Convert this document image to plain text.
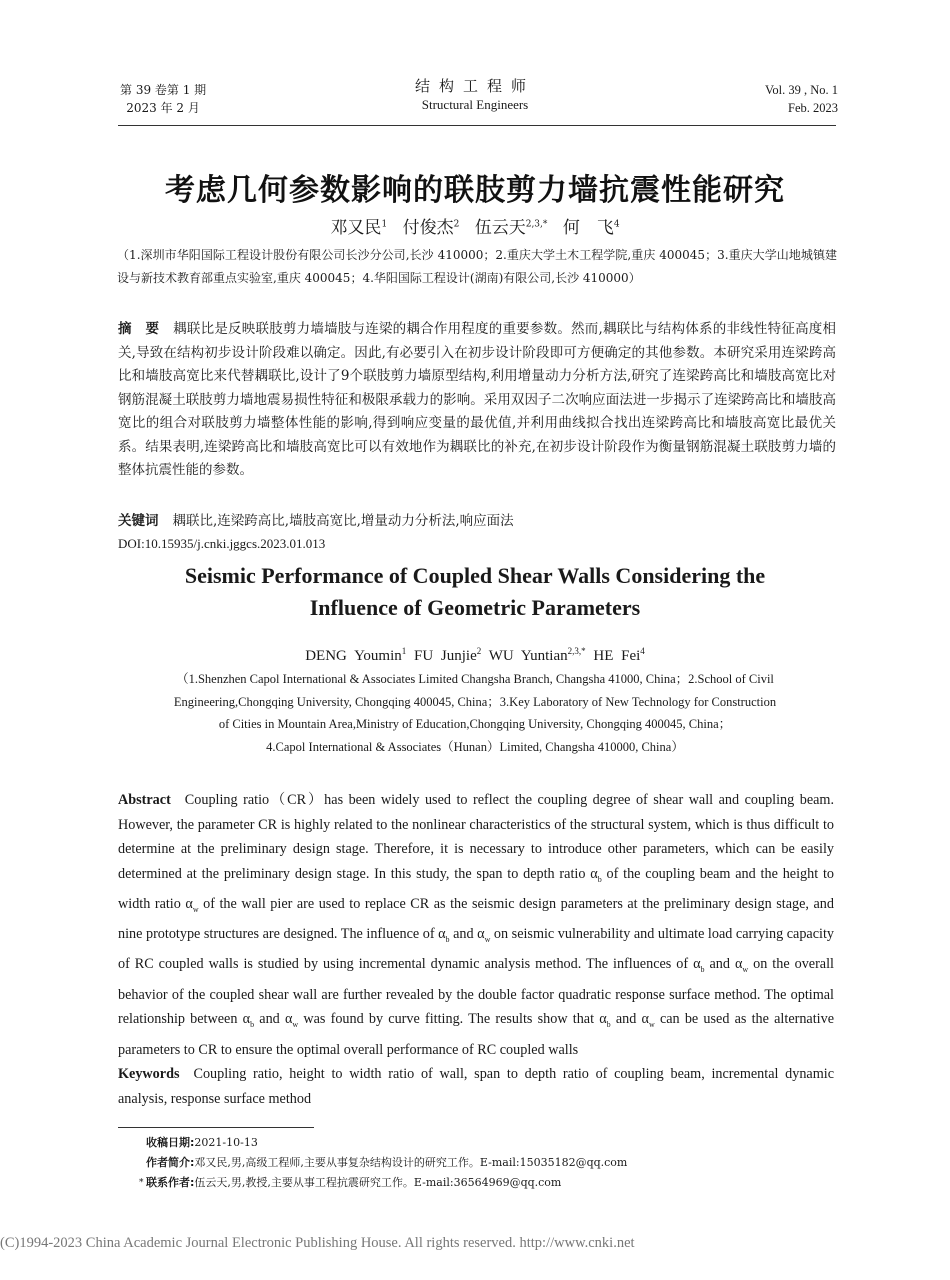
第 39 卷第 1 期
2023 年 2 月
结构工程师
Structural Engineers
Vol. 39 , No. 1
Feb. 2023
考虑几何参数影响的联肢剪力墙抗震性能研究
邓又民$^1$ 付俊杰$^2$ 伍云天$^{2,3,*}$ 何　飞$^4$
（1.深圳市华阳国际工程设计股份有限公司长沙分公司,长沙 410000；2.重庆大学土木工程学院,重庆 400045；3.重庆大学山地城镇建设与新技术教育部重点实验室,重庆 400045；4.华阳国际工程设计(湖南)有限公司,长沙 410000）
摘　要 耦联比是反映联肢剪力墙墙肢与连梁的耦合作用程度的重要参数。然而,耦联比与结构体系的非线性特征高度相关,导致在结构初步设计阶段难以确定。因此,有必要引入在初步设计阶段即可方便确定的其他参数。本研究采用连梁跨高比和墙肢高宽比来代替耦联比,设计了9个联肢剪力墙原型结构,利用增量动力分析方法,研究了连梁跨高比和墙肢高宽比对钢筋混凝土联肢剪力墙地震易损性特征和极限承载力的影响。采用双因子二次响应面法进一步揭示了连梁跨高比和墙肢高宽比的组合对联肢剪力墙整体性能的影响,得到响应变量的最优值,并利用曲线拟合找出连梁跨高比和墙肢高宽比最优关系。结果表明,连梁跨高比和墙肢高宽比可以有效地作为耦联比的补充,在初步设计阶段作为衡量钢筋混凝土联肢剪力墙的整体抗震性能的参数。
关键词 耦联比,连梁跨高比,墙肢高宽比,增量动力分析法,响应面法
DOI:10.15935/j.cnki.jggcs.2023.01.013
Seismic Performance of Coupled Shear Walls Considering the
Influence of Geometric Parameters
DENG Youmin$^1$ FU Junjie$^2$ WU Yuntian$^{2,3,*}$ HE Fei$^4$
（1.Shenzhen Capol International & Associates Limited Changsha Branch, Changsha 41000, China；2.School of Civil
Engineering,Chongqing University, Chongqing 400045, China；3.Key Laboratory of New Technology for Construction
of Cities in Mountain Area,Ministry of Education,Chongqing University, Chongqing 400045, China；
4.Capol International & Associates（Hunan）Limited, Changsha 410000, China）
Abstract Coupling ratio（CR）has been widely used to reflect the coupling degree of shear wall and coupling beam. However, the parameter CR is highly related to the nonlinear characteristics of the structural system, which is thus difficult to determine at the preliminary design stage. Therefore, it is necessary to introduce other parameters, which can be easily determined at the preliminary design stage. In this study, the span to depth ratio $\alpha_b$ of the coupling beam and the height to width ratio $\alpha_w$ of the wall pier are used to replace CR as the seismic design parameters at the preliminary design stage, and nine prototype structures are designed. The influence of $\alpha_b$ and $\alpha_w$ on seismic vulnerability and ultimate load carrying capacity of RC coupled walls is studied by using incremental dynamic analysis method. The influences of $\alpha_b$ and $\alpha_w$ on the overall behavior of the coupled shear wall are further revealed by the double factor quadratic response surface method. The optimal relationship between $\alpha_b$ and $\alpha_w$ was found by curve fitting. The results show that $\alpha_b$ and $\alpha_w$ can be used as the alternative parameters to CR to ensure the optimal overall performance of RC coupled walls
Keywords Coupling ratio, height to width ratio of wall, span to depth ratio of coupling beam, incremental dynamic analysis, response surface method
收稿日期:2021-10-13
作者简介:邓又民,男,高级工程师,主要从事复杂结构设计的研究工作。E-mail:15035182@qq.com
* 联系作者:伍云天,男,教授,主要从事工程抗震研究工作。E-mail:36564969@qq.com
(C)1994-2023 China Academic Journal Electronic Publishing House. All rights reserved. http://www.cnki.net
